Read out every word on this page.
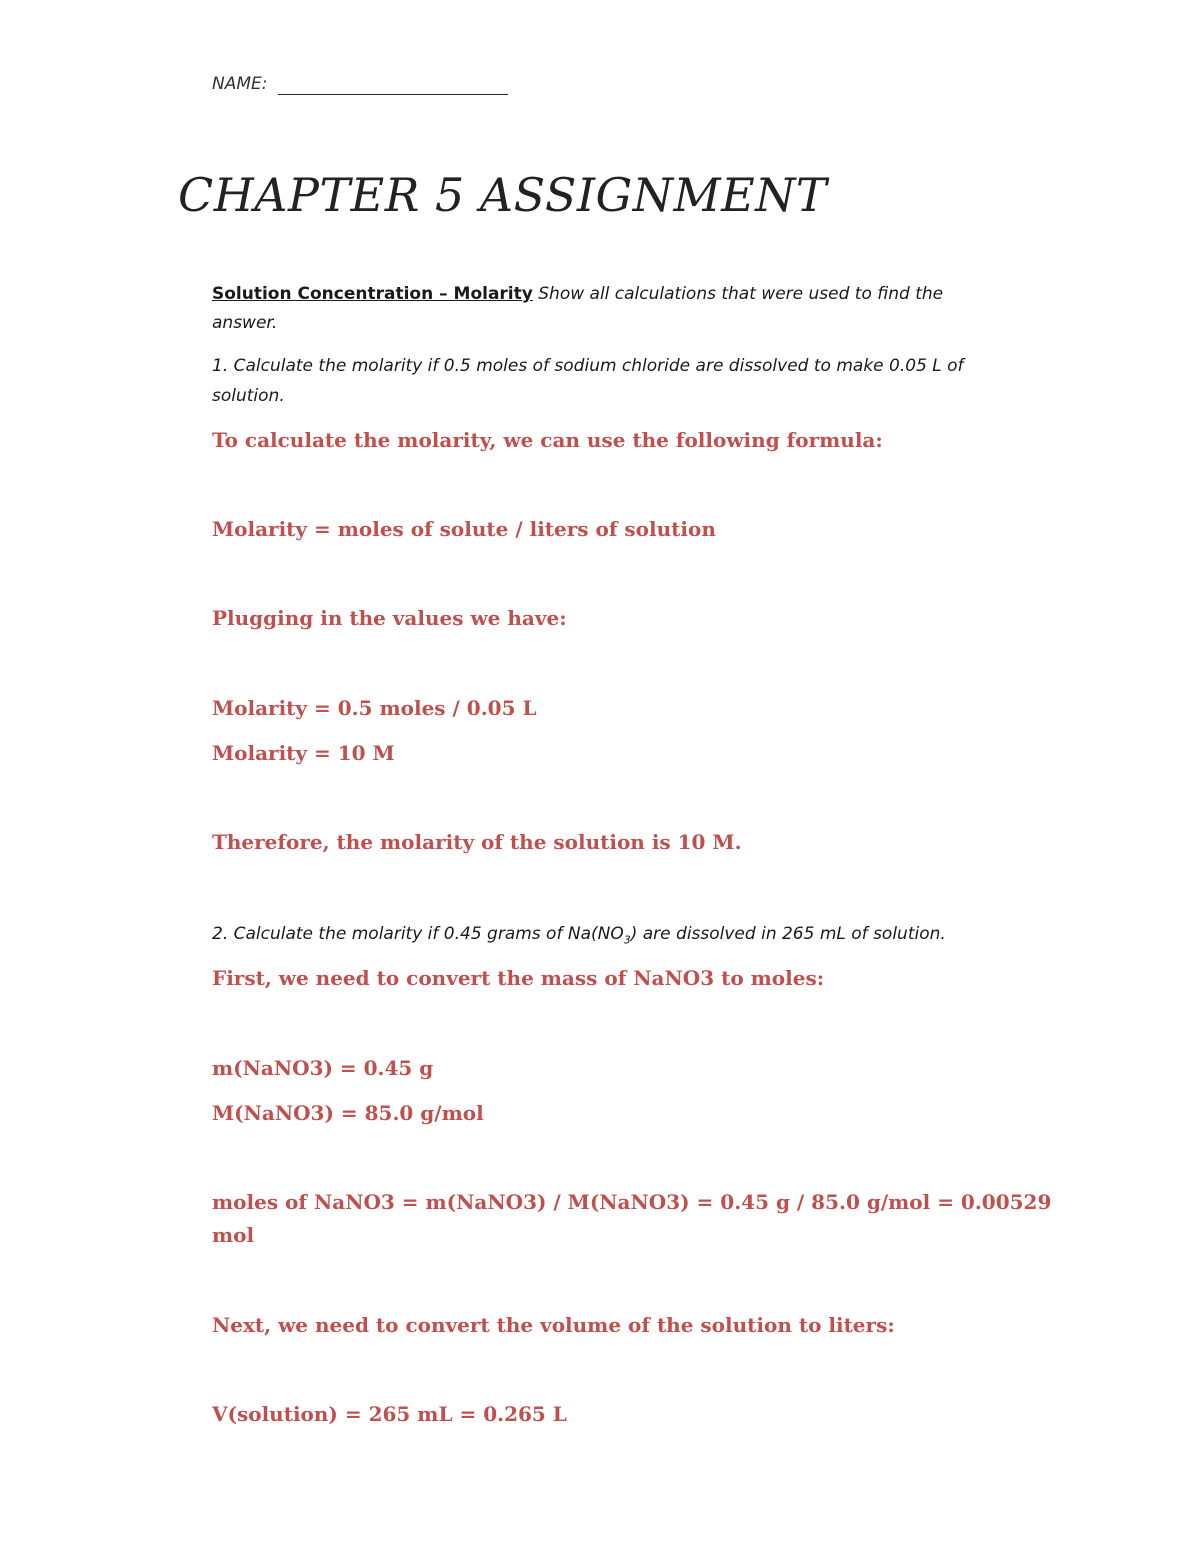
NAME:
CHAPTER 5 ASSIGNMENT
Solution Concentration – Molarity Show all calculations that were used to find the
answer.
1. Calculate the molarity if 0.5 moles of sodium chloride are dissolved to make 0.05 L of
solution.
To calculate the molarity, we can use the following formula:
Molarity = moles of solute / liters of solution
Plugging in the values we have:
Molarity = 0.5 moles / 0.05 L
Molarity = 10 M
Therefore, the molarity of the solution is 10 M.
2. Calculate the molarity if 0.45 grams of $Na(NO_3)$ are dissolved in 265 mL of solution.
First, we need to convert the mass of NaNO3 to moles:
m(NaNO3) = 0.45 g
M(NaNO3) = 85.0 g/mol
moles of NaNO3 = m(NaNO3) / M(NaNO3) = 0.45 g / 85.0 g/mol = 0.00529
mol
Next, we need to convert the volume of the solution to liters:
V(solution) = 265 mL = 0.265 L
